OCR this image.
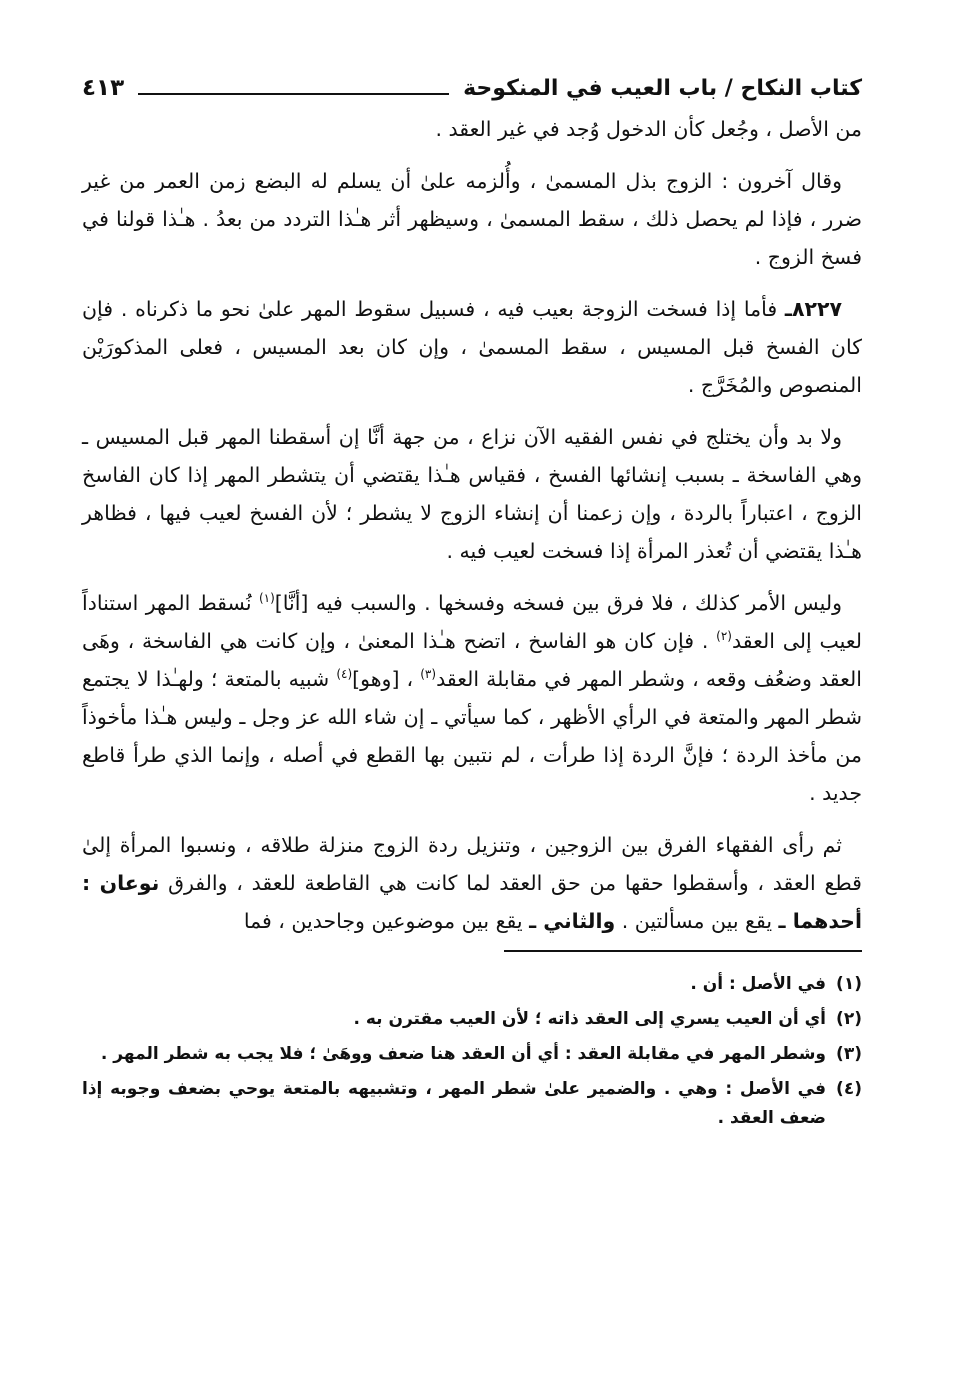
كتاب النكاح / باب العيب في المنكوحة
٤١٣

من الأصل ، وجُعل كأن الدخول وُجد في غير العقد .

وقال آخرون : الزوج بذل المسمىٰ ، وأُلزمه علىٰ أن يسلم له البضع زمن العمر من غير ضرر ، فإذا لم يحصل ذلك ، سقط المسمىٰ ، وسيظهر أثر هـٰذا التردد من بعدُ . هـٰذا قولنا في فسخ الزوج .

٨٢٢٧ـ فأما إذا فسخت الزوجة بعيب فيه ، فسبيل سقوط المهر علىٰ نحو ما ذكرناه . فإن كان الفسخ قبل المسيس ، سقط المسمىٰ ، وإن كان بعد المسيس ، فعلى المذكورَيْن المنصوص والمُخَرَّج .

ولا بد وأن يختلج في نفس الفقيه الآن نزاع ، من جهة أنَّا إن أسقطنا المهر قبل المسيس ـ وهي الفاسخة ـ بسبب إنشائها الفسخ ، فقياس هـٰذا يقتضي أن يتشطر المهر إذا كان الفاسخ الزوج ، اعتباراً بالردة ، وإن زعمنا أن إنشاء الزوج لا يشطر ؛ لأن الفسخ لعيب فيها ، فظاهر هـٰذا يقتضي أن تُعذر المرأة إذا فسخت لعيب فيه .

وليس الأمر كذلك ، فلا فرق بين فسخه وفسخها . والسبب فيه [أنَّا]$^{(١)}$ نُسقط المهر استناداً لعيب إلى العقد$^{(٢)}$ . فإن كان هو الفاسخ ، اتضح هـٰذا المعنىٰ ، وإن كانت هي الفاسخة ، وهَى العقد وضعُف وقعه ، وشطر المهر في مقابلة العقد$^{(٣)}$ ، [وهو]$^{(٤)}$ شبيه بالمتعة ؛ ولهـٰذا لا يجتمع شطر المهر والمتعة في الرأي الأظهر ، كما سيأتي ـ إن شاء الله عز وجل ـ وليس هـٰذا مأخوذاً من مأخذ الردة ؛ فإنَّ الردة إذا طرأت ، لم نتبين بها القطع في أصله ، وإنما الذي طرأ قاطع جديد .

ثم رأى الفقهاء الفرق بين الزوجين ، وتنزيل ردة الزوج منزلة طلاقه ، ونسبوا المرأة إلىٰ قطع العقد ، وأسقطوا حقها من حق العقد لما كانت هي القاطعة للعقد ، والفرق نوعان : أحدهما ـ يقع بين مسألتين . والثاني ـ يقع بين موضوعين وجاحدين ، فما

(١)
في الأصل : أن .
(٢)
أي أن العيب يسري إلى العقد ذاته ؛ لأن العيب مقترن به .
(٣)
وشطر المهر في مقابلة العقد : أي أن العقد هنا ضعف ووهَىٰ ؛ فلا يجب به شطر المهر .
(٤)
في الأصل : وهي . والضمير علىٰ شطر المهر ، وتشبيهه بالمتعة يوحي بضعف وجوبه إذا ضعف العقد .
